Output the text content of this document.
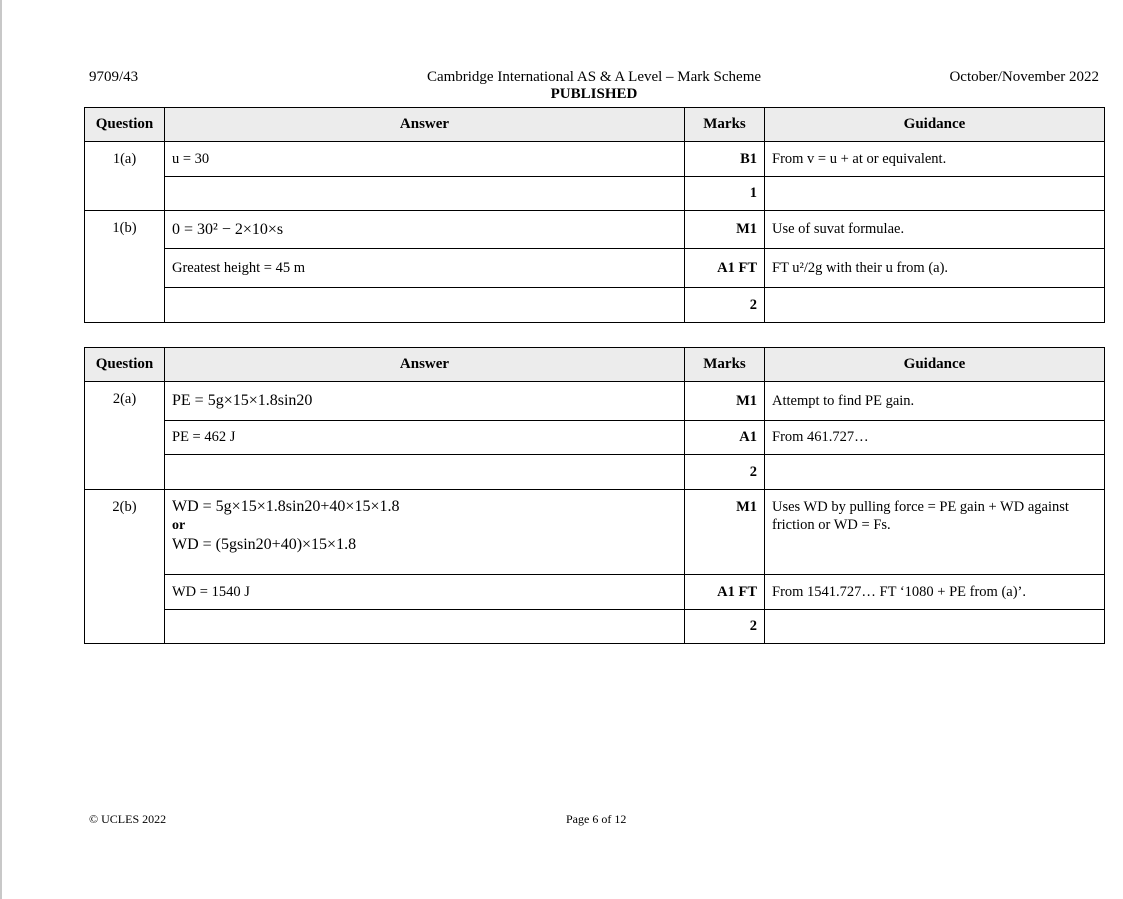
9709/43	Cambridge International AS & A Level – Mark Scheme
PUBLISHED
October/November 2022
Question	Answer	Marks	Guidance
1(a)	u = 30	B1	From v = u + at or equivalent.
		1	
1(b)	0 = 30² − 2×10×s	M1	Use of suvat formulae.
	Greatest height = 45 m	A1 FT	FT u²/2g with their u from (a).
		2	
Question	Answer	Marks	Guidance
2(a)	PE = 5g×15×1.8sin20	M1	Attempt to find PE gain.
	PE = 462 J	A1	From 461.727…
		2	
2(b)	WD = 5g×15×1.8sin20+40×15×1.8
or
WD = (5gsin20+40)×15×1.8	M1	Uses WD by pulling force = PE gain + WD against friction or WD = Fs.
	WD = 1540 J	A1 FT	From 1541.727… FT ‘1080 + PE from (a)’.
		2	
© UCLES 2022	Page 6 of 12
